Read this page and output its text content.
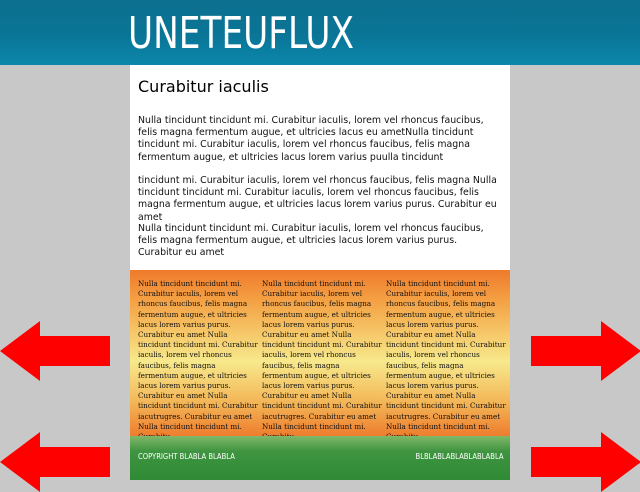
UNETEUFLUX
Curabitur iaculis

Nulla tincidunt tincidunt mi. Curabitur iaculis, lorem vel rhoncus faucibus, felis magna fermentum augue, et ultricies lacus eu ametNulla tincidunt tincidunt mi. Curabitur iaculis, lorem vel rhoncus faucibus, felis magna fermentum augue, et ultricies lacus lorem varius puulla tincidunt

tincidunt mi. Curabitur iaculis, lorem vel rhoncus faucibus, felis magna Nulla tincidunt tincidunt mi. Curabitur iaculis, lorem vel rhoncus faucibus, felis magna fermentum augue, et ultricies lacus lorem varius purus. Curabitur eu amet

Nulla tincidunt tincidunt mi. Curabitur iaculis, lorem vel rhoncus faucibus, felis magna fermentum augue, et ultricies lacus lorem varius purus. Curabitur eu amet

Nulla tincidunt tincidunt mi. Curabitur iaculis, lorem vel rhoncus faucibus, felis magna fermentum augue, et ultricies lacus lorem varius purus. Curabitur eu amet Nulla tincidunt tincidunt mi. Curabitur iaculis, lorem vel rhoncus faucibus, felis magna fermentum augue, et ultricies lacus lorem varius purus. Curabitur eu amet Nulla tincidunt tincidunt mi. Curabitur iacutrugres. Curabitur eu amet Nulla tincidunt tincidunt mi.

Nulla tincidunt tincidunt mi. Curabitur iaculis, lorem vel rhoncus faucibus, felis magna fermentum augue, et ultricies lacus lorem varius purus. Curabitur eu amet Nulla tincidunt tincidunt mi. Curabitur iaculis, lorem vel rhoncus faucibus, felis magna fermentum augue, et ultricies lacus lorem varius purus. Curabitur eu amet Nulla tincidunt tincidunt mi. Curabitur iacutrugres. Curabitur eu amet Nulla tincidunt tincidunt mi.

Nulla tincidunt tincidunt mi. Curabitur iaculis, lorem vel rhoncus faucibus, felis magna fermentum augue, et ultricies lacus lorem varius purus. Curabitur eu amet Nulla tincidunt tincidunt mi. Curabitur iaculis, lorem vel rhoncus faucibus, felis magna fermentum augue, et ultricies lacus lorem varius purus. Curabitur eu amet Nulla tincidunt tincidunt mi. Curabitur iacutrugres. Curabitur eu amet Nulla tincidunt tincidunt mi.

COPYRIGHT BLABLA BLABLA	BLBLABLABLABLABLABLA
